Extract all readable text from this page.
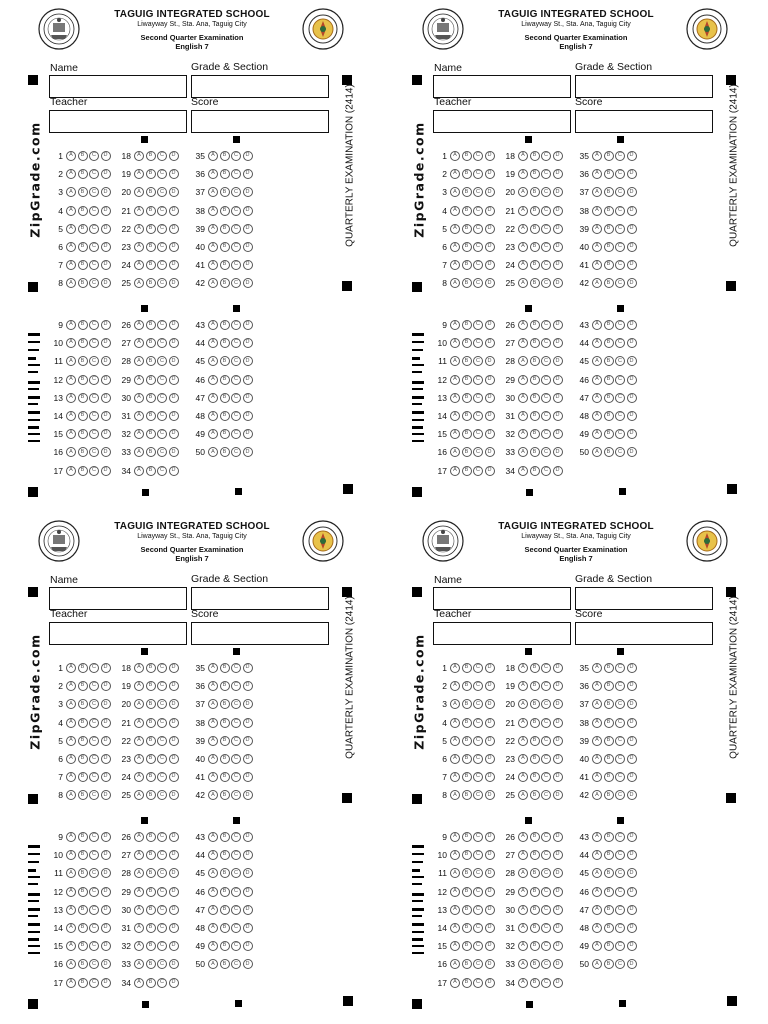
TAGUIG INTEGRATED SCHOOL
Liwayway St., Sta. Ana, Taguig City
Second Quarter Examination
English 7
Name	Grade & Section
Teacher	Score
ZipGrade.com	QUARTERLY EXAMINATION (2414)
1	A	B	C	D	18	A	B	C	D	35	A	B	C	D
2	A	B	C	D	19	A	B	C	D	36	A	B	C	D
3	A	B	C	D	20	A	B	C	D	37	A	B	C	D
4	A	B	C	D	21	A	B	C	D	38	A	B	C	D
5	A	B	C	D	22	A	B	C	D	39	A	B	C	D
6	A	B	C	D	23	A	B	C	D	40	A	B	C	D
7	A	B	C	D	24	A	B	C	D	41	A	B	C	D
8	A	B	C	D	25	A	B	C	D	42	A	B	C	D
9	A	B	C	D	26	A	B	C	D	43	A	B	C	D
10	A	B	C	D	27	A	B	C	D	44	A	B	C	D
11	A	B	C	D	28	A	B	C	D	45	A	B	C	D
12	A	B	C	D	29	A	B	C	D	46	A	B	C	D
13	A	B	C	D	30	A	B	C	D	47	A	B	C	D
14	A	B	C	D	31	A	B	C	D	48	A	B	C	D
15	A	B	C	D	32	A	B	C	D	49	A	B	C	D
16	A	B	C	D	33	A	B	C	D	50	A	B	C	D
17	A	B	C	D	34	A	B	C	D
TAGUIG INTEGRATED SCHOOL
Liwayway St., Sta. Ana, Taguig City
Second Quarter Examination
English 7
Name	Grade & Section
Teacher	Score
ZipGrade.com	QUARTERLY EXAMINATION (2414)
1	A	B	C	D	18	A	B	C	D	35	A	B	C	D
2	A	B	C	D	19	A	B	C	D	36	A	B	C	D
3	A	B	C	D	20	A	B	C	D	37	A	B	C	D
4	A	B	C	D	21	A	B	C	D	38	A	B	C	D
5	A	B	C	D	22	A	B	C	D	39	A	B	C	D
6	A	B	C	D	23	A	B	C	D	40	A	B	C	D
7	A	B	C	D	24	A	B	C	D	41	A	B	C	D
8	A	B	C	D	25	A	B	C	D	42	A	B	C	D
9	A	B	C	D	26	A	B	C	D	43	A	B	C	D
10	A	B	C	D	27	A	B	C	D	44	A	B	C	D
11	A	B	C	D	28	A	B	C	D	45	A	B	C	D
12	A	B	C	D	29	A	B	C	D	46	A	B	C	D
13	A	B	C	D	30	A	B	C	D	47	A	B	C	D
14	A	B	C	D	31	A	B	C	D	48	A	B	C	D
15	A	B	C	D	32	A	B	C	D	49	A	B	C	D
16	A	B	C	D	33	A	B	C	D	50	A	B	C	D
17	A	B	C	D	34	A	B	C	D
TAGUIG INTEGRATED SCHOOL
Liwayway St., Sta. Ana, Taguig City
Second Quarter Examination
English 7
Name	Grade & Section
Teacher	Score
ZipGrade.com	QUARTERLY EXAMINATION (2414)
1	A	B	C	D	18	A	B	C	D	35	A	B	C	D
2	A	B	C	D	19	A	B	C	D	36	A	B	C	D
3	A	B	C	D	20	A	B	C	D	37	A	B	C	D
4	A	B	C	D	21	A	B	C	D	38	A	B	C	D
5	A	B	C	D	22	A	B	C	D	39	A	B	C	D
6	A	B	C	D	23	A	B	C	D	40	A	B	C	D
7	A	B	C	D	24	A	B	C	D	41	A	B	C	D
8	A	B	C	D	25	A	B	C	D	42	A	B	C	D
9	A	B	C	D	26	A	B	C	D	43	A	B	C	D
10	A	B	C	D	27	A	B	C	D	44	A	B	C	D
11	A	B	C	D	28	A	B	C	D	45	A	B	C	D
12	A	B	C	D	29	A	B	C	D	46	A	B	C	D
13	A	B	C	D	30	A	B	C	D	47	A	B	C	D
14	A	B	C	D	31	A	B	C	D	48	A	B	C	D
15	A	B	C	D	32	A	B	C	D	49	A	B	C	D
16	A	B	C	D	33	A	B	C	D	50	A	B	C	D
17	A	B	C	D	34	A	B	C	D
TAGUIG INTEGRATED SCHOOL
Liwayway St., Sta. Ana, Taguig City
Second Quarter Examination
English 7
Name	Grade & Section
Teacher	Score
ZipGrade.com	QUARTERLY EXAMINATION (2414)
1	A	B	C	D	18	A	B	C	D	35	A	B	C	D
2	A	B	C	D	19	A	B	C	D	36	A	B	C	D
3	A	B	C	D	20	A	B	C	D	37	A	B	C	D
4	A	B	C	D	21	A	B	C	D	38	A	B	C	D
5	A	B	C	D	22	A	B	C	D	39	A	B	C	D
6	A	B	C	D	23	A	B	C	D	40	A	B	C	D
7	A	B	C	D	24	A	B	C	D	41	A	B	C	D
8	A	B	C	D	25	A	B	C	D	42	A	B	C	D
9	A	B	C	D	26	A	B	C	D	43	A	B	C	D
10	A	B	C	D	27	A	B	C	D	44	A	B	C	D
11	A	B	C	D	28	A	B	C	D	45	A	B	C	D
12	A	B	C	D	29	A	B	C	D	46	A	B	C	D
13	A	B	C	D	30	A	B	C	D	47	A	B	C	D
14	A	B	C	D	31	A	B	C	D	48	A	B	C	D
15	A	B	C	D	32	A	B	C	D	49	A	B	C	D
16	A	B	C	D	33	A	B	C	D	50	A	B	C	D
17	A	B	C	D	34	A	B	C	D
